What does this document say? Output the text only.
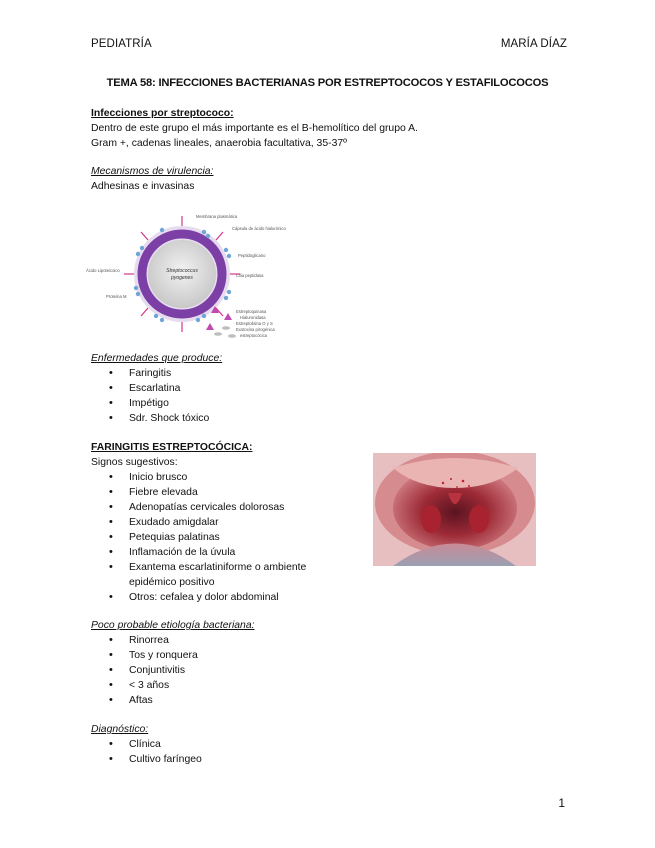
PEDIATRÍA	MARÍA DÍAZ
TEMA 58: INFECCIONES BACTERIANAS POR ESTREPTOCOCOS Y ESTAFILOCOCOS
Infecciones por streptococo:
Dentro de este grupo el más importante es el B-hemolítico del grupo A.
Gram +, cadenas lineales, anaerobia facultativa, 35-37º
Mecanismos de virulencia:
Adhesinas e invasinas
Streptococcus
pyogenes
Membrana plasmática
Cápsula de ácido hialurónico
Peptidoglicano
Cilia peptidasa
Ácido Lipoteicoico
Proteína M
Estreptoquinasa
Hialuronidasa
Estreptolisina O y S
Exotoxina pirogénica
estreptocócica
Enfermedades que produce:
• Faringitis
• Escarlatina
• Impétigo
• Sdr. Shock tóxico
FARINGITIS ESTREPTOCÓCICA:
Signos sugestivos:
• Inicio brusco
• Fiebre elevada
• Adenopatías cervicales dolorosas
• Exudado amigdalar
• Petequias palatinas
• Inflamación de la úvula
• Exantema escarlatiniforme o ambiente
epidémico positivo
• Otros: cefalea y dolor abdominal
Poco probable etiología bacteriana:
• Rinorrea
• Tos y ronquera
• Conjuntivitis
• < 3 años
• Aftas
Diagnóstico:
• Clínica
• Cultivo faríngeo
1
